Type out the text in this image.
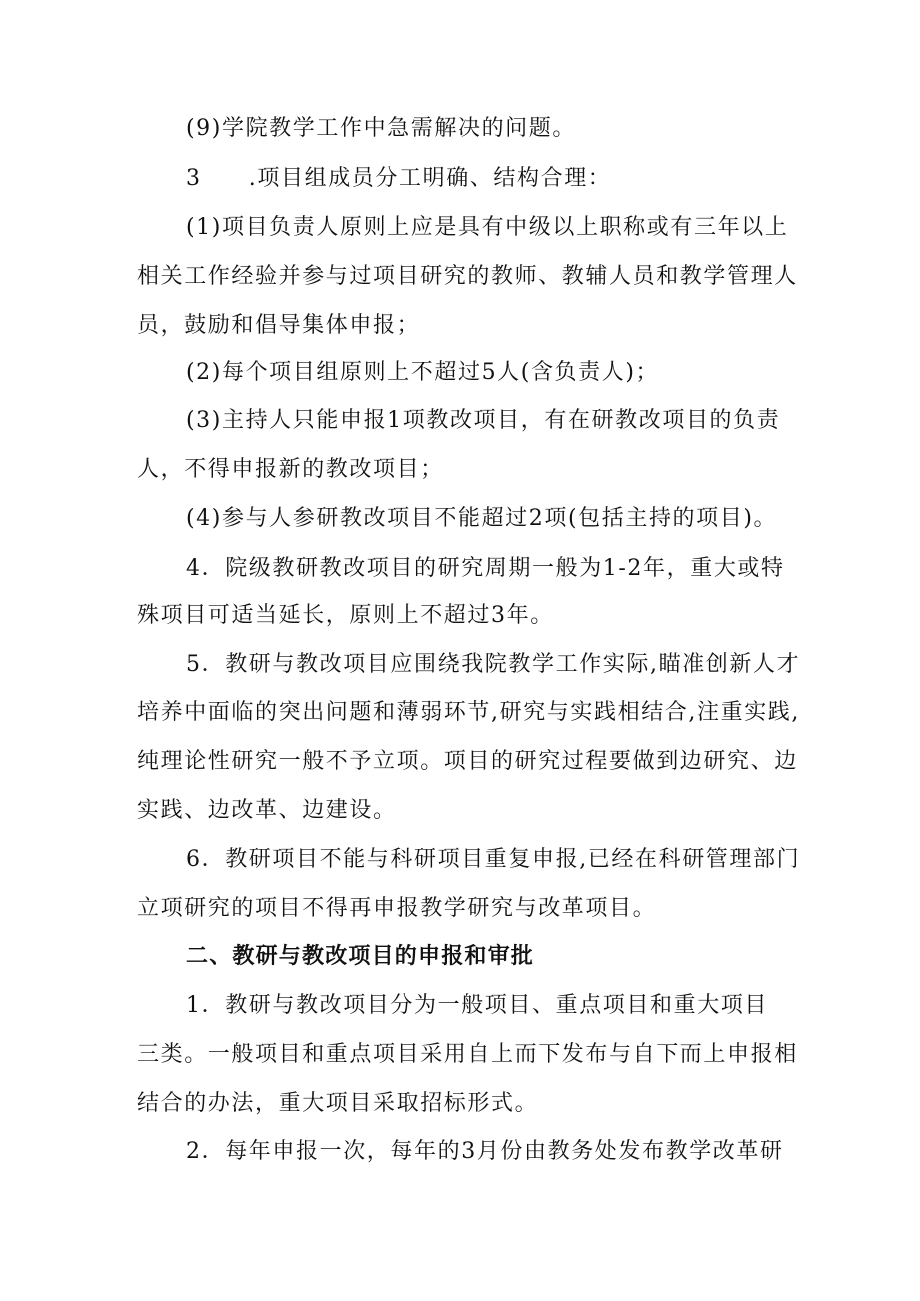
(9)学院教学工作中急需解决的问题。
3　　.项目组成员分工明确、结构合理：
(1)项目负责人原则上应是具有中级以上职称或有三年以上
相关工作经验并参与过项目研究的教师、教辅人员和教学管理人
员，鼓励和倡导集体申报；
(2)每个项目组原则上不超过5人(含负责人)；
(3)主持人只能申报1项教改项目，有在研教改项目的负责
人，不得申报新的教改项目；
(4)参与人参研教改项目不能超过2项(包括主持的项目)。
4．院级教研教改项目的研究周期一般为1-2年，重大或特
殊项目可适当延长，原则上不超过3年。
5．教研与教改项目应围绕我院教学工作实际,瞄准创新人才
培养中面临的突出问题和薄弱环节,研究与实践相结合,注重实践,
纯理论性研究一般不予立项。项目的研究过程要做到边研究、边
实践、边改革、边建设。
6．教研项目不能与科研项目重复申报,已经在科研管理部门
立项研究的项目不得再申报教学研究与改革项目。
二、教研与教改项目的申报和审批
1．教研与教改项目分为一般项目、重点项目和重大项目
三类。一般项目和重点项目采用自上而下发布与自下而上申报相
结合的办法，重大项目采取招标形式。
2．每年申报一次，每年的3月份由教务处发布教学改革研
